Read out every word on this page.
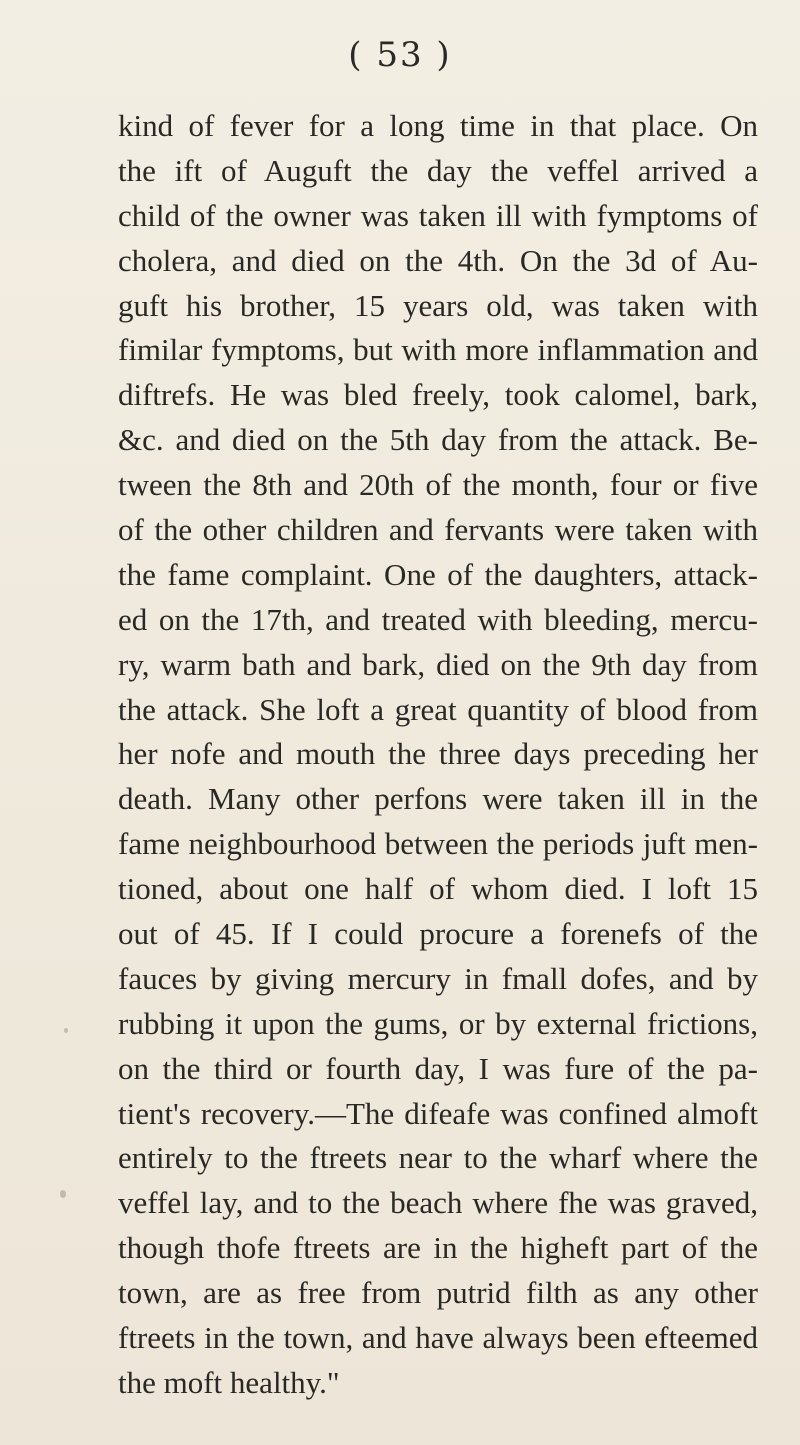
( 53 )
kind of fever for a long time in that place. On
the ift of Auguft the day the veffel arrived a
child of the owner was taken ill with fymptoms of
cholera, and died on the 4th. On the 3d of Au-
guft his brother, 15 years old, was taken with
fimilar fymptoms, but with more inflammation and
diftrefs. He was bled freely, took calomel, bark,
&c. and died on the 5th day from the attack. Be-
tween the 8th and 20th of the month, four or five
of the other children and fervants were taken with
the fame complaint. One of the daughters, attack-
ed on the 17th, and treated with bleeding, mercu-
ry, warm bath and bark, died on the 9th day from
the attack. She loft a great quantity of blood from
her nofe and mouth the three days preceding her
death. Many other perfons were taken ill in the
fame neighbourhood between the periods juft men-
tioned, about one half of whom died. I loft 15
out of 45. If I could procure a forenefs of the
fauces by giving mercury in fmall dofes, and by
rubbing it upon the gums, or by external frictions,
on the third or fourth day, I was fure of the pa-
tient's recovery.—The difeafe was confined almoft
entirely to the ftreets near to the wharf where the
veffel lay, and to the beach where fhe was graved,
though thofe ftreets are in the higheft part of the
town, are as free from putrid filth as any other
ftreets in the town, and have always been efteemed
the moft healthy."
